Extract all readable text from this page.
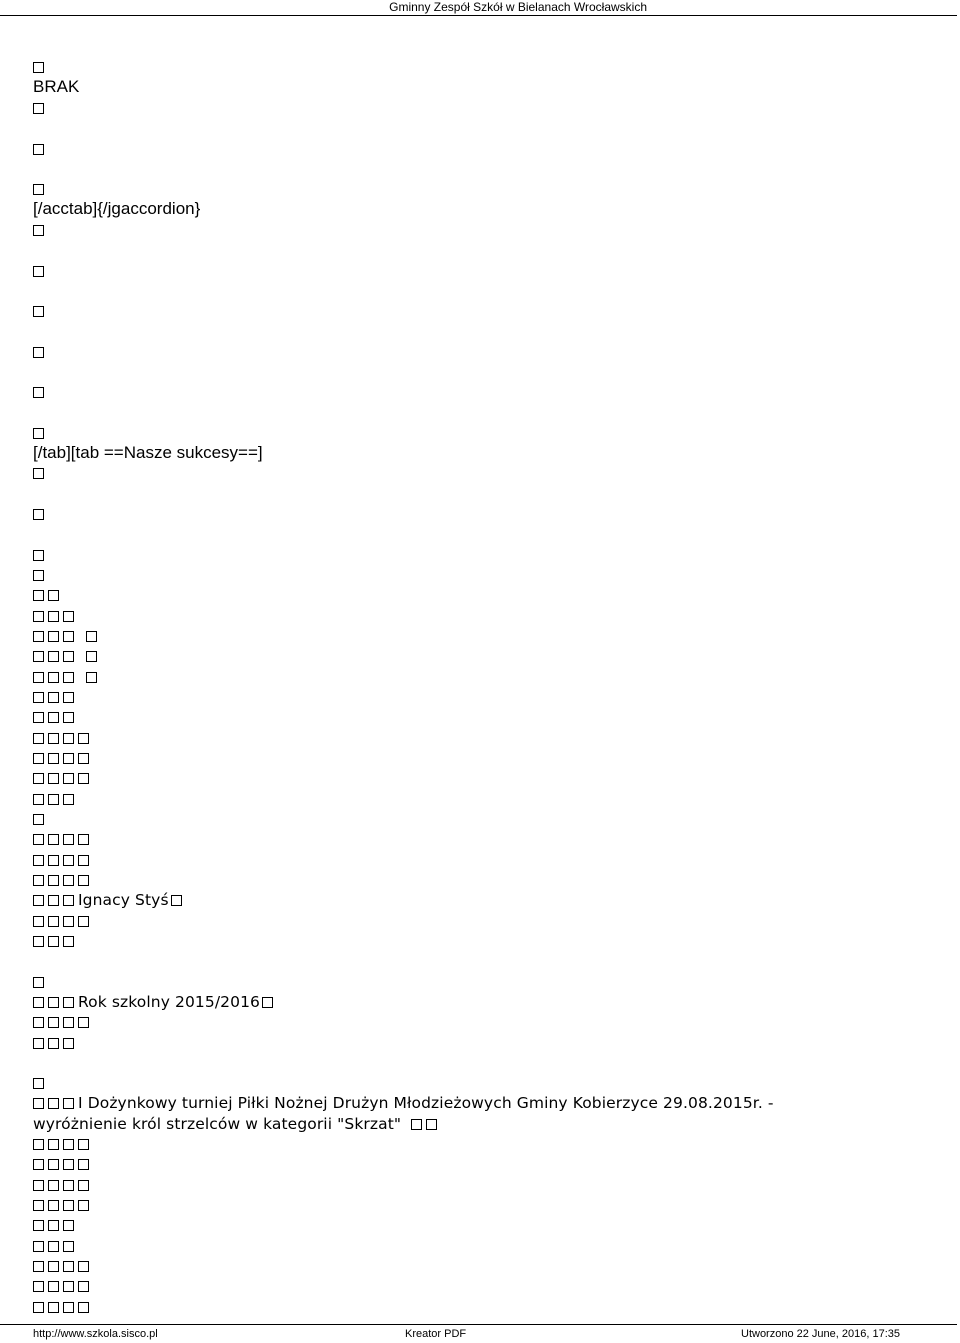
Gminny Zespół Szkół w Bielanach Wrocławskich
BRAK
[/acctab]{/jgaccordion}
[/tab][tab ==Nasze sukcesy==]
Ignacy Styś
Rok szkolny 2015/2016
I Dożynkowy turniej Piłki Nożnej Drużyn Młodzieżowych Gminy Kobierzyce 29.08.2015r. -
wyróżnienie król strzelców w kategorii "Skrzat"
http://www.szkola.sisco.pl	Kreator PDF	Utworzono 22 June, 2016, 17:35
